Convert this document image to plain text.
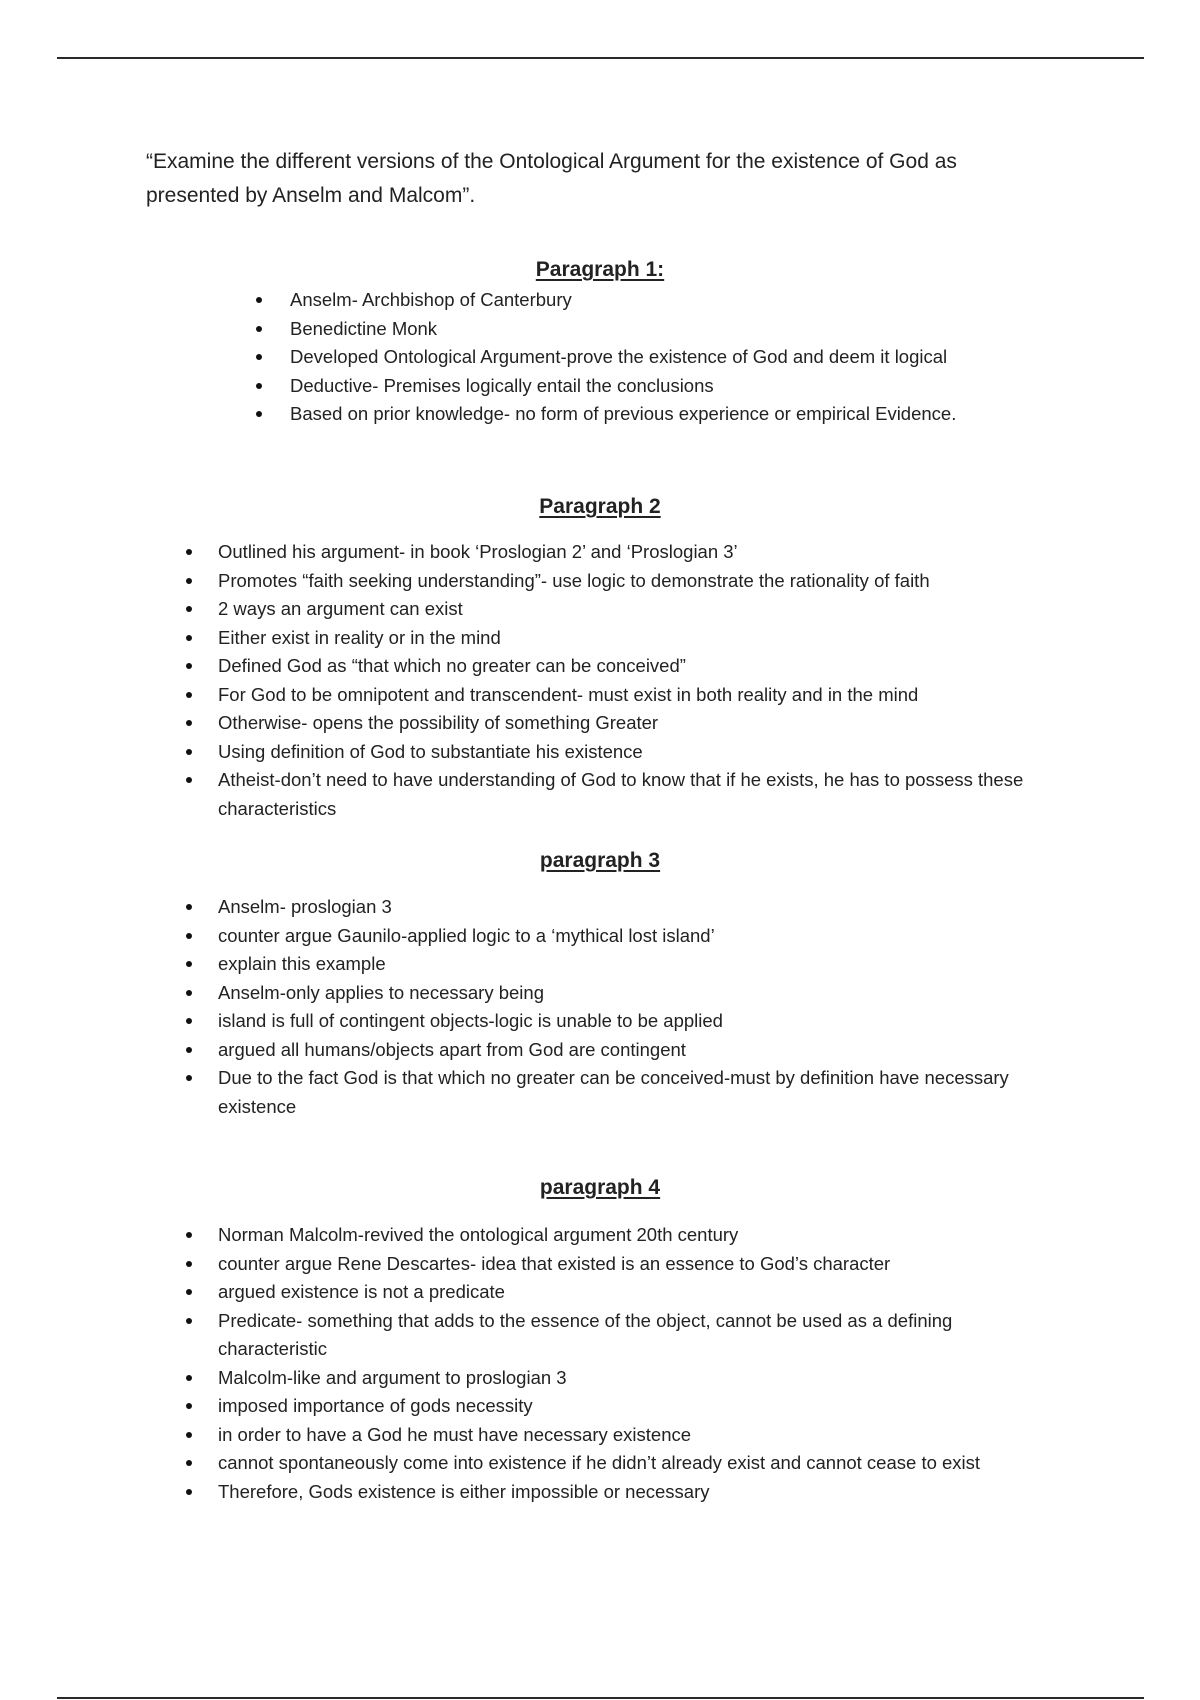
“Examine the different versions of the Ontological Argument for the existence of God as presented by Anselm and Malcom”.

Paragraph 1:
Anselm- Archbishop of Canterbury
Benedictine Monk
Developed Ontological Argument-prove the existence of God and deem it logical
Deductive- Premises logically entail the conclusions
Based on prior knowledge- no form of previous experience or empirical Evidence.
Paragraph 2
Outlined his argument- in book ‘Proslogian 2’ and ‘Proslogian 3’
Promotes “faith seeking understanding”- use logic to demonstrate the rationality of faith
2 ways an argument can exist
Either exist in reality or in the mind
Defined God as “that which no greater can be conceived”
For God to be omnipotent and transcendent- must exist in both reality and in the mind
Otherwise- opens the possibility of something Greater
Using definition of God to substantiate his existence
Atheist-don’t need to have understanding of God to know that if he exists, he has to possess these characteristics
paragraph 3
Anselm- proslogian 3
counter argue Gaunilo-applied logic to a ‘mythical lost island’
explain this example
Anselm-only applies to necessary being
island is full of contingent objects-logic is unable to be applied
argued all humans/objects apart from God are contingent
Due to the fact God is that which no greater can be conceived-must by definition have necessary existence
paragraph 4
Norman Malcolm-revived the ontological argument 20th century
counter argue Rene Descartes- idea that existed is an essence to God’s character
argued existence is not a predicate
Predicate- something that adds to the essence of the object, cannot be used as a defining characteristic
Malcolm-like and argument to proslogian 3
imposed importance of gods necessity
in order to have a God he must have necessary existence
cannot spontaneously come into existence if he didn’t already exist and cannot cease to exist
Therefore, Gods existence is either impossible or necessary
